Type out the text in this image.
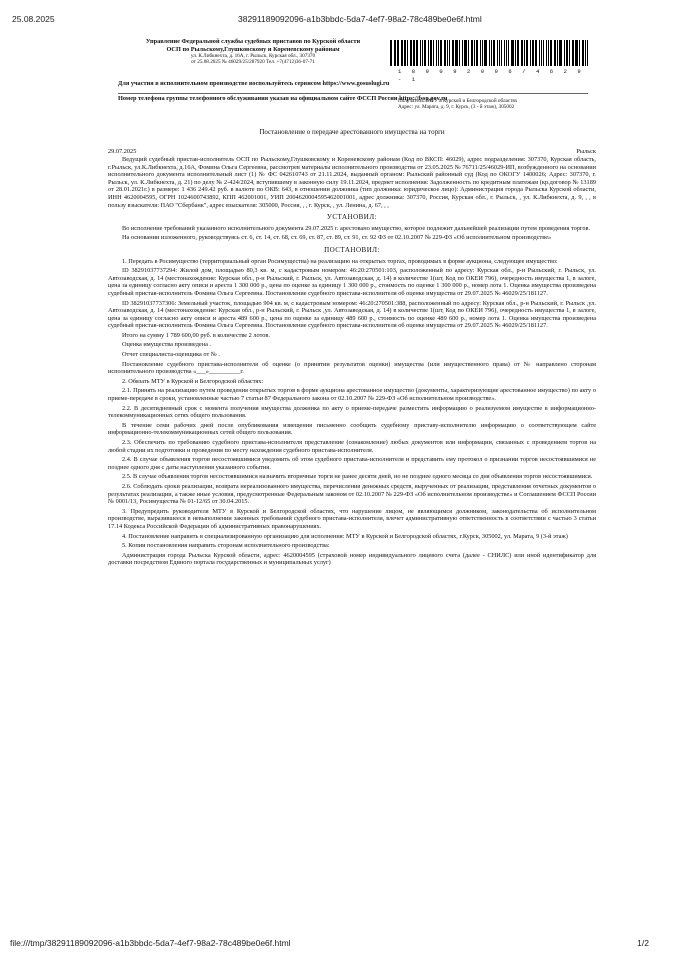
25.08.2025	38291189092096-a1b3bbdc-5da7-4ef7-98a2-78c489be0e6f.html
Управление Федеральной службы судебных приставов по Курской области
ОСП по Рыльскому,Глушковскому и Кореневскому районам
ул. К.Либкнехта, д. 16А, г. Рыльск, Курская обл., 307370
от 25.08.2025 № 46029/25/287920 Тел. +7(4712)36-07-71
1 8 9 0 9 2 0 9 6 / 4 6 2 9 - 1
Для участия в исполнительном производстве воспользуйтесь сервисом https://www.gosuslugi.ru
Номер телефона группы телефонного обслуживания указан на официальном сайте ФССП России https://fssp.gov.ru
Получатель: МТУ в Курской и Белгородской областях
Адрес: ул. Марата, д. 9, г. Курск, (3 - й этаж), 305002
Постановление о передаче арестованного имущества на торги
29.07.2025	Рыльск

Ведущий судебный пристав-исполнитель ОСП по Рыльскому,Глушковскому и Кореневскому районам (Код по ВКСП: 46029), адрес подразделения: 307370, Курская область, г.Рыльск, ул.К.Либкнехта, д.16А, Фомина Ольга Сергеевна, рассмотрев материалы исполнительного производства от 23.05.2025 № 76711/25/46029-ИП, возбужденного на основании исполнительного документа исполнительный лист (1) № ФС 042610743 от 21.11.2024, выданный органом: Рыльский районный суд (Код по ОКОГУ 1400026; Адрес: 307370, г. Рыльск, ул. К.Либкнехта, д. 21) по делу № 2-424/2024, вступившему в законную силу 19.11.2024, предмет исполнения: Задолженность по кредитным платежам (кр.договор № 13189 от 28.01.2021г.) в размере: 1 436 249.42 руб. в валюте по ОКВ: 643, в отношении должника (тип должника: юридическое лицо): Администрация города Рыльска Курской области, ИНН 4620004595, ОГРН 1024600743892, КПП 462001001, УИП 2004620004595462001001, адрес должника: 307370, Россия, Курская обл., г. Рыльск, , ул. К.Либкнехта, д. 9, , , в пользу взыскателя: ПАО "Сбербанк", адрес взыскателя: 305000, Россия, , , г. Курск, , ул. Ленина, д. 67, , ,

УСТАНОВИЛ:

Во исполнение требований указанного исполнительного документа 29.07.2025 г. арестовано имущество, которое подлежит дальнейшей реализации путем проведения торгов.

На основании изложенного, руководствуясь ст. 6, ст. 14, ст. 68, ст. 69, ст. 87, ст. 89, ст. 91, ст. 92 ФЗ от 02.10.2007 № 229-ФЗ «Об исполнительном производстве»

ПОСТАНОВИЛ:

1. Передать в Росимущество (территориальный орган Росимущества) на реализацию на открытых торгах, проводимых в форме аукциона, следующее имущество:

ID 38291037737294: Жилой дом, площадью 80,3 кв. м, с кадастровым номером: 46:20:270501:103, расположенный по адресу: Курская обл., р-н Рыльский, г. Рыльск, ул. Автозаводская, д. 14 (местонахождение: Курская обл., р-н Рыльский, г. Рыльск, ул. Автозаводская, д. 14) в количестве 1(шт, Код по ОКЕИ 796), очередность имущества 1, в залоге, цена за единицу согласно акту описи и ареста 1 300 000 р., цена по оценке за единицу 1 300 000 р., стоимость по оценке 1 300 000 р., номер лота 1. Оценка имущества произведена судебный пристав-исполнитель Фомина Ольга Сергеевна. Постановление судебного пристава-исполнителя об оценке имущества от 29.07.2025 № 46029/25/181127.

ID 38291037737306: Земельный участок, площадью 904 кв. м, с кадастровым номером: 46:20:270501:388, расположенный по адресу: Курская обл., р-н Рыльский, г. Рыльск ,ул. Автозаводская, д. 14 (местонахождение: Курская обл., р-н Рыльский, г. Рыльск ,ул. Автозаводская, д. 14) в количестве 1(шт, Код по ОКЕИ 796), очередность имущества 1, в залоге, цена за единицу согласно акту описи и ареста 489 600 р., цена по оценке за единицу 489 600 р., стоимость по оценке 489 600 р., номер лота 1. Оценка имущества произведена судебный пристав-исполнитель Фомина Ольга Сергеевна. Постановление судебного пристава-исполнителя об оценке имущества от 29.07.2025 № 46029/25/181127.

Итого на сумму 1 789 600,00 руб. в количестве 2 лотов.

Оценка имущества произведена .

Отчет специалиста-оценщика от № .

Постановление судебного пристава-исполнителя об оценке (о принятии результатов оценки) имущества (или имущественного права) от № направлено сторонам исполнительного производства «___»__________г.

2. Обязать МТУ в Курской и Белгородской областях:

2.1. Принять на реализацию путем проведения открытых торгов в форме аукциона арестованное имущество (документы, характеризующие арестованное имущество) по акту о приеме-передаче в сроки, установленные частью 7 статьи 87 Федерального закона от 02.10.2007 № 229-ФЗ «Об исполнительном производстве».

2.2. В десятидневный срок с момента получения имущества должника по акту о приеме-передаче разместить информацию о реализуемом имуществе в информационно-телекоммуникационных сетях общего пользования.

В течение семи рабочих дней после опубликования извещения письменно сообщить судебному приставу-исполнителю информацию о соответствующем сайте информационно-телекоммуникационных сетей общего пользования.

2.3. Обеспечить по требованию судебного пристава-исполнителя представление (ознакомление) любых документов или информации, связанных с проведением торгов на любой стадии их подготовки и проведения по месту нахождения судебного пристава-исполнителя.

2.4. В случае объявления торгов несостоявшимися уведомить об этом судебного пристава-исполнителя и представить ему протокол о признании торгов несостоявшимися не позднее одного дня с даты наступления указанного события.

2.5. В случае объявления торгов несостоявшимися назначить вторичные торги не ранее десяти дней, но не позднее одного месяца со дня объявления торгов несостоявшимися.

2.6. Соблюдать сроки реализации, возврата нереализованного имущества, перечисления денежных средств, вырученных от реализации, представления отчетных документов о результатах реализации, а также иные условия, предусмотренные Федеральным законом от 02.10.2007 № 229-ФЗ «Об исполнительном производстве» и Соглашением ФССП России № 0001/13, Росимущества № 01-12/65 от 30.04.2015.

3. Предупредить руководителя МТУ в Курской и Белгородской областях, что нарушение лицом, не являющимся должником, законодательства об исполнительном производстве, выразившееся в невыполнении законных требований судебного пристава-исполнителя, влечет административную ответственность в соответствии с частью 3 статьи 17.14 Кодекса Российской Федерации об административных правонарушениях.

4. Постановление направить в специализированную организацию для исполнения: МТУ в Курской и Белгородской областях, г.Курск, 305002, ул. Марата, 9 (3-й этаж)

5. Копии постановления направить сторонам исполнительного производства:

Администрация города Рыльска Курской области, адрес: 4620004595 (страховой номер индивидуального лицевого счета (далее - СНИЛС) или иной идентификатор для доставки посредством Единого портала государственных и муниципальных услуг)

file:///tmp/38291189092096-a1b3bbdc-5da7-4ef7-98a2-78c489be0e6f.html	1/2
